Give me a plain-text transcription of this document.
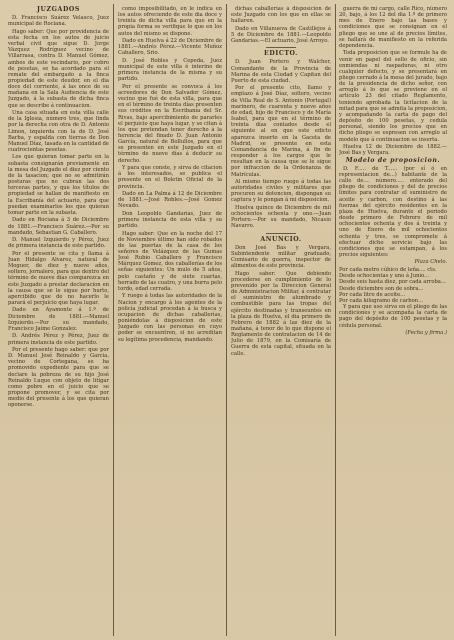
JUZGADOS

D. Francisco Suárez Velasco, Juez municipal de Rociana.

Hago saber: Que por providencia de esta fecha en los autos de juicio verbal civil que sigue D. Jorge Vázquez Rodríguez vecino de Villarrasa, contra D. Manuel Gómez, ambos de este vecindario, por cobro de pesetas, se ha acordado para el remate del embargado a la finca propiedad de este deudor, en el dia doce del corriente, á las once de su mañana en la Sala Audiencia de este Juzgado, á la subasta de dicha finca que se describe á continuacion.

Una casa situada en esta villa calle de la Iglesia, número tres, que linda por la derecha con otra de D. Antonio Limon, izquierda con la de D. José Barba, y espalda con tierras de Don Manuel Díaz, tasada en la cantidad de cuatrocientas pesetas.

Los que quieran tomar parte en la subasta consignarán previamente en la mesa del Juzgado el diez por ciento de la tasacion; que no se admitirán posturas que no cubran las dos terceras partes, y que los títulos de propiedad se hallan de manifiesto en la Escribanía del actuario, para que puedan examinarlos los que quieran tomar parte en la subasta.

Dado en Rociana á 3 de Diciembre de 1881.—Francisco Suárez.—Por su mandado, Sebastian G. Caballero.

D. Manuel Izquierdo y Pérez, Juez de primera instancia de este partido.

Por el presente se cita y llama á Juan Hidalgo Alvarez, natural de Moguer, de diez y nueve años, soltero, jornalero, para que dentro del término de nueve días comparezca en este Juzgado a prestar declaracion en la causa que se le sigue por hurto, apercibido que de no hacerlo le parará el perjuicio que haya lugar.

Dado en Ayamonte á 1.º de Diciembre de 1881.—Manuel Izquierdo.—Por su mandado, Francisco Jaime Gonzalez.

D. Andrés Pérez y Pérez, Juez de primera instancia de este partido.

Por el presente hago saber: que por D. Manuel José Reinaldo y Garcia, vecino de Cortegana, se ha promovido expediente para que se declare la pobreza de su hijo José Reinaldo Luque con objeto de litigar como pobre en el juicio que se propone promover, y se cita por medio del presente á los que quieran oponerse.

como imposibilitado, en le indica en los autos ofreciendo de este dia doce y treinta de dicha villa para que en la propia forma se verifique lo que en los autos del mismo se dispone.

Dado en Huelva á 22 de Diciembre de 1881.—Andrés Pérez.—Vicente Muñoz Caballero, Srio.

D. José Robles y Cepeda, Juez municipal de este villa é interino de primera instancia de la misma y su partido.

Por el presente se convoca á los acreedores de Don Salvador Gómez, vecino que fué de esta villa, para que en el término de treinta días presenten sus créditos en la Escribanía del Sr. Rivas, bajo apercibimiento de pararles el perjuicio que haya lugar, y se citan á los que pretendan tener derecho á la herencia del finado D. Juan Antonio García, natural de Bollullos, para que se presenten en este Juzgado en el término de nueve días á deducir su derecho.

Y para que conste, y sirva de citacion á los interesados, se publica el presente en el Boletin Oficial de la provincia.

Dado en La Palma á 12 de Diciembre de 1881.—José Robles.—José Gomez Nevado.

Don Leopoldo Gandarias, Juez de primera instancia de esta villa y su partido.

Hago saber: Que en la noche del 17 de Noviembre último han sido robados de las puertas de la casa de los señores de Velázquez de las Gumas José Rubio Caballero y Francisco Márquez Gomez, dos caballerías de los señas siguientes: Un mulo de 5 años, pelo castaño y de siete cuartas, herrado de las cuatro, y una burra pelo tordo, edad cerrada.

Y ruego á todas las autoridades de la Nacion y encargo á los agentes de la policía judicial procedan á la busca y ocupacion de dichas caballerías, poniéndolas á disposicion de este Juzgado con las personas en cuyo poder se encuentren, si no acreditan su legítima procedencia, mandando.

dichas caballerías á disposicion de este Juzgado con los que en ellas se hallaren.

Dado en Villanueva de Castillejos á 5 de Diciembre de 1881.—Leopoldo Gandarias.—El actuario, José Arroyo.

EDICTO.

D. Juan Portero y Walcher, Comandante de la Provincia de Marina de esta Ciudad y Capitan del Puerto de esta ciudad.

Por el presente cito, llamo y emplazo á José Díaz, soltero, vecino de Villa Real de S. Antonio (Portugal) marinero, de cuarenta y nueve años de edad, hijo de Francisco y de María Isabel, para que en el término de treinta días contados desde el siguiente al en que este edicto aparezca inserto en la Gaceta de Madrid, se presente en esta Comandancia de Marina, á fin de responder á los cargos que le resultan en la causa que se le sigue por infraccion de la Ordenanza de Matrículas.

Al mismo tiempo ruego á todas las autoridades civiles y militares que procuren su detencion, dispongan su captura y le pongan á mi disposicion.

Huelva quince de Diciembre de mil ochocientos ochenta y uno.—Juan Portero.—Por su mandado, Nicasio Navarro.

ANUNCIO.

Don José Bas y Vergara, Subintendente militar graduado, Comisario de guerra, inspector de alimentos de este provincia.

Hago saber: Que debiendo procederse en cumplimiento de lo prevenido por la Direccion General de Administracion Militar, á contratar el suministro de alumbrado y combustible para las tropas del ejército destinadas y transeuntes en la plaza de Huelva, el dia primero de Febrero de 1882 á las diez de la mañana, á tenor de lo que dispone el Reglamento de contratacion de 14 de Julio de 1879, en la Comisaría de Guerra de esta capital, situada en la calle.

guerra de mi cargo, calle Rico, número 20, bajo, á los 12 del dia 1.º de primero mes de Enero bajo las bases y condiciones que se consignan en el pliego que se une al de precios límites, se hallará de manifiesto en la referida dependencia.

Toda proposicion que se formule ha de venir en papel del sello de oficio, sin enmiendas ni raspaduras, ni otro cualquier defecto, y se presentará en pliego cerrado á la mesa del jurado, bajo de la presidencia de dicho señor, con arreglo á lo que se previene en el artículo 23 del citado Reglamento, teniendo aprobada la licitacion de la mitad para que se admita la proposicion, y acompañando la carta de pago del depósito de 100 pesetas, y cedula personal, siendo los precios que en dicho pliego se espresen con arreglo al modelo que á continuacion se inserta.

Huelva 12 de Diciembre de 1882.—José Bas y Vergara.

Modelo de proposicion.

D. F..... de T...... (por sí ó en representacion de...) habitante de la calle de.... número..... enterado del pliego de condiciones y del de precios límites para contratar el suministro de aceite y carbon, con destino á las fuerzas del ejército residentes en la plaza de Huelva, durante el periodo desde primero de Febrero de mil ochocientos ochenta y dos á treinta y uno de Enero de mil ochocientos ochenta y tres, se compromete á efectuar dicho servicio bajo las condiciones que se estampan, á los precios siguientes:

Plaza Chelo.

Por cada metro cúbico de leña.... cts.

Desde ochocientas y uno á Junio...

Desde seis hasta diez, por cada arroba...

Desde diciembre son de sobra...

Por cada litro de aceite...

Por cada kilogramo de carbon...

Y para que uso sirva en el pliego de las condiciones y se acompaña la carta de pago del depósito de 100 pesetas y la cédula personal.

(Fecha y firma.)
